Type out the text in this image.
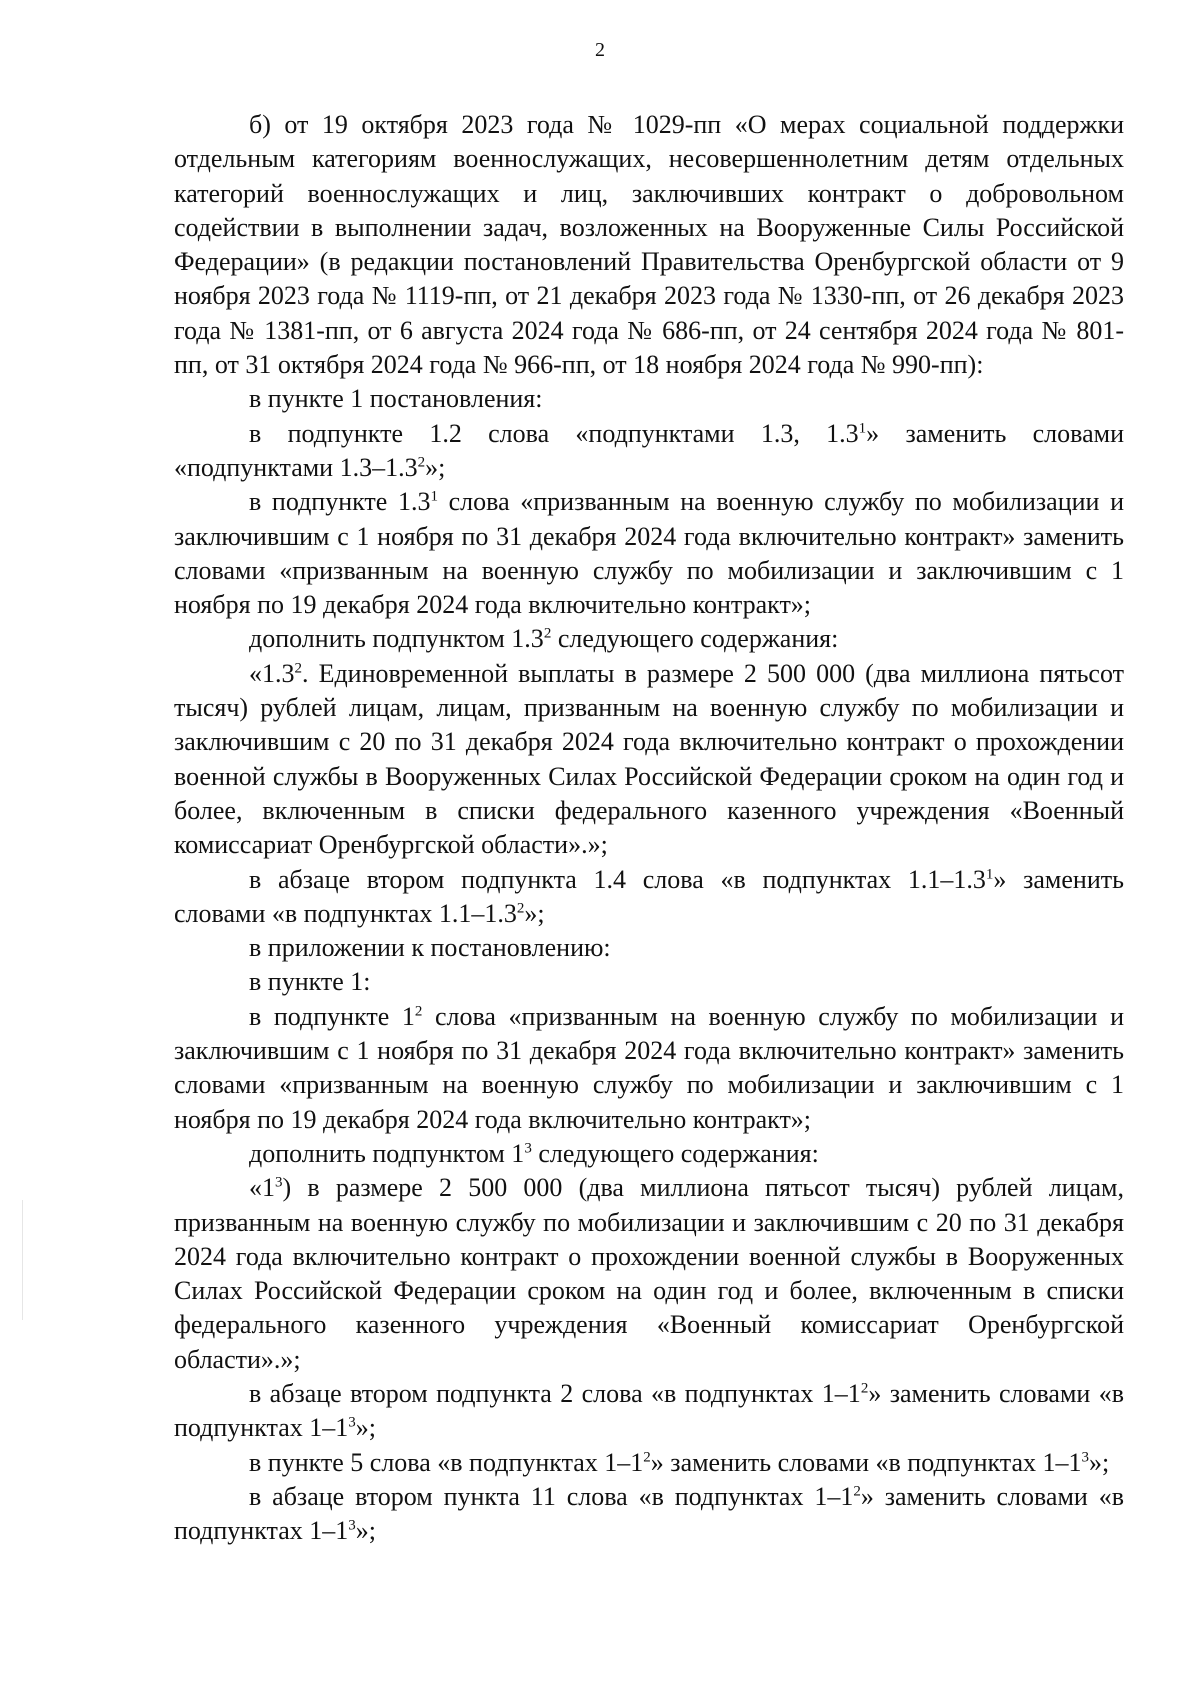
2

б) от 19 октября 2023 года № 1029-пп «О мерах социальной поддержки отдельным категориям военнослужащих, несовершеннолетним детям отдельных категорий военнослужащих и лиц, заключивших контракт о добровольном содействии в выполнении задач, возложенных на Вооруженные Силы Российской Федерации» (в редакции постановлений Правительства Оренбургской области от 9 ноября 2023 года № 1119-пп, от 21 декабря 2023 года № 1330-пп, от 26 декабря 2023 года № 1381-пп, от 6 августа 2024 года № 686-пп, от 24 сентября 2024 года № 801-пп, от 31 октября 2024 года № 966-пп, от 18 ноября 2024 года № 990-пп):

в пункте 1 постановления:

в подпункте 1.2 слова «подпунктами 1.3, $1.3^1$» заменить словами «подпунктами $1.3-1.3^2$»;

в подпункте $1.3^1$ слова «призванным на военную службу по мобилизации и заключившим с 1 ноября по 31 декабря 2024 года включительно контракт» заменить словами «призванным на военную службу по мобилизации и заключившим с 1 ноября по 19 декабря 2024 года включительно контракт»;

дополнить подпунктом $1.3^2$ следующего содержания:

«$1.3^2$. Единовременной выплаты в размере 2 500 000 (два миллиона пятьсот тысяч) рублей лицам, лицам, призванным на военную службу по мобилизации и заключившим с 20 по 31 декабря 2024 года включительно контракт о прохождении военной службы в Вооруженных Силах Российской Федерации сроком на один год и более, включенным в списки федерального казенного учреждения «Военный комиссариат Оренбургской области».»;

в абзаце втором подпункта 1.4 слова «в подпунктах $1.1-1.3^1$» заменить словами «в подпунктах $1.1-1.3^2$»;

в приложении к постановлению:

в пункте 1:

в подпункте $1^2$ слова «призванным на военную службу по мобилизации и заключившим с 1 ноября по 31 декабря 2024 года включительно контракт» заменить словами «призванным на военную службу по мобилизации и заключившим с 1 ноября по 19 декабря 2024 года включительно контракт»;

дополнить подпунктом $1^3$ следующего содержания:

«$1^3$) в размере 2 500 000 (два миллиона пятьсот тысяч) рублей лицам, призванным на военную службу по мобилизации и заключившим с 20 по 31 декабря 2024 года включительно контракт о прохождении военной службы в Вооруженных Силах Российской Федерации сроком на один год и более, включенным в списки федерального казенного учреждения «Военный комиссариат Оренбургской области».»;

в абзаце втором подпункта 2 слова «в подпунктах $1-1^2$» заменить словами «в подпунктах $1-1^3$»;

в пункте 5 слова «в подпунктах $1-1^2$» заменить словами «в подпунктах $1-1^3$»;

в абзаце втором пункта 11 слова «в подпунктах $1-1^2$» заменить словами «в подпунктах $1-1^3$»;
